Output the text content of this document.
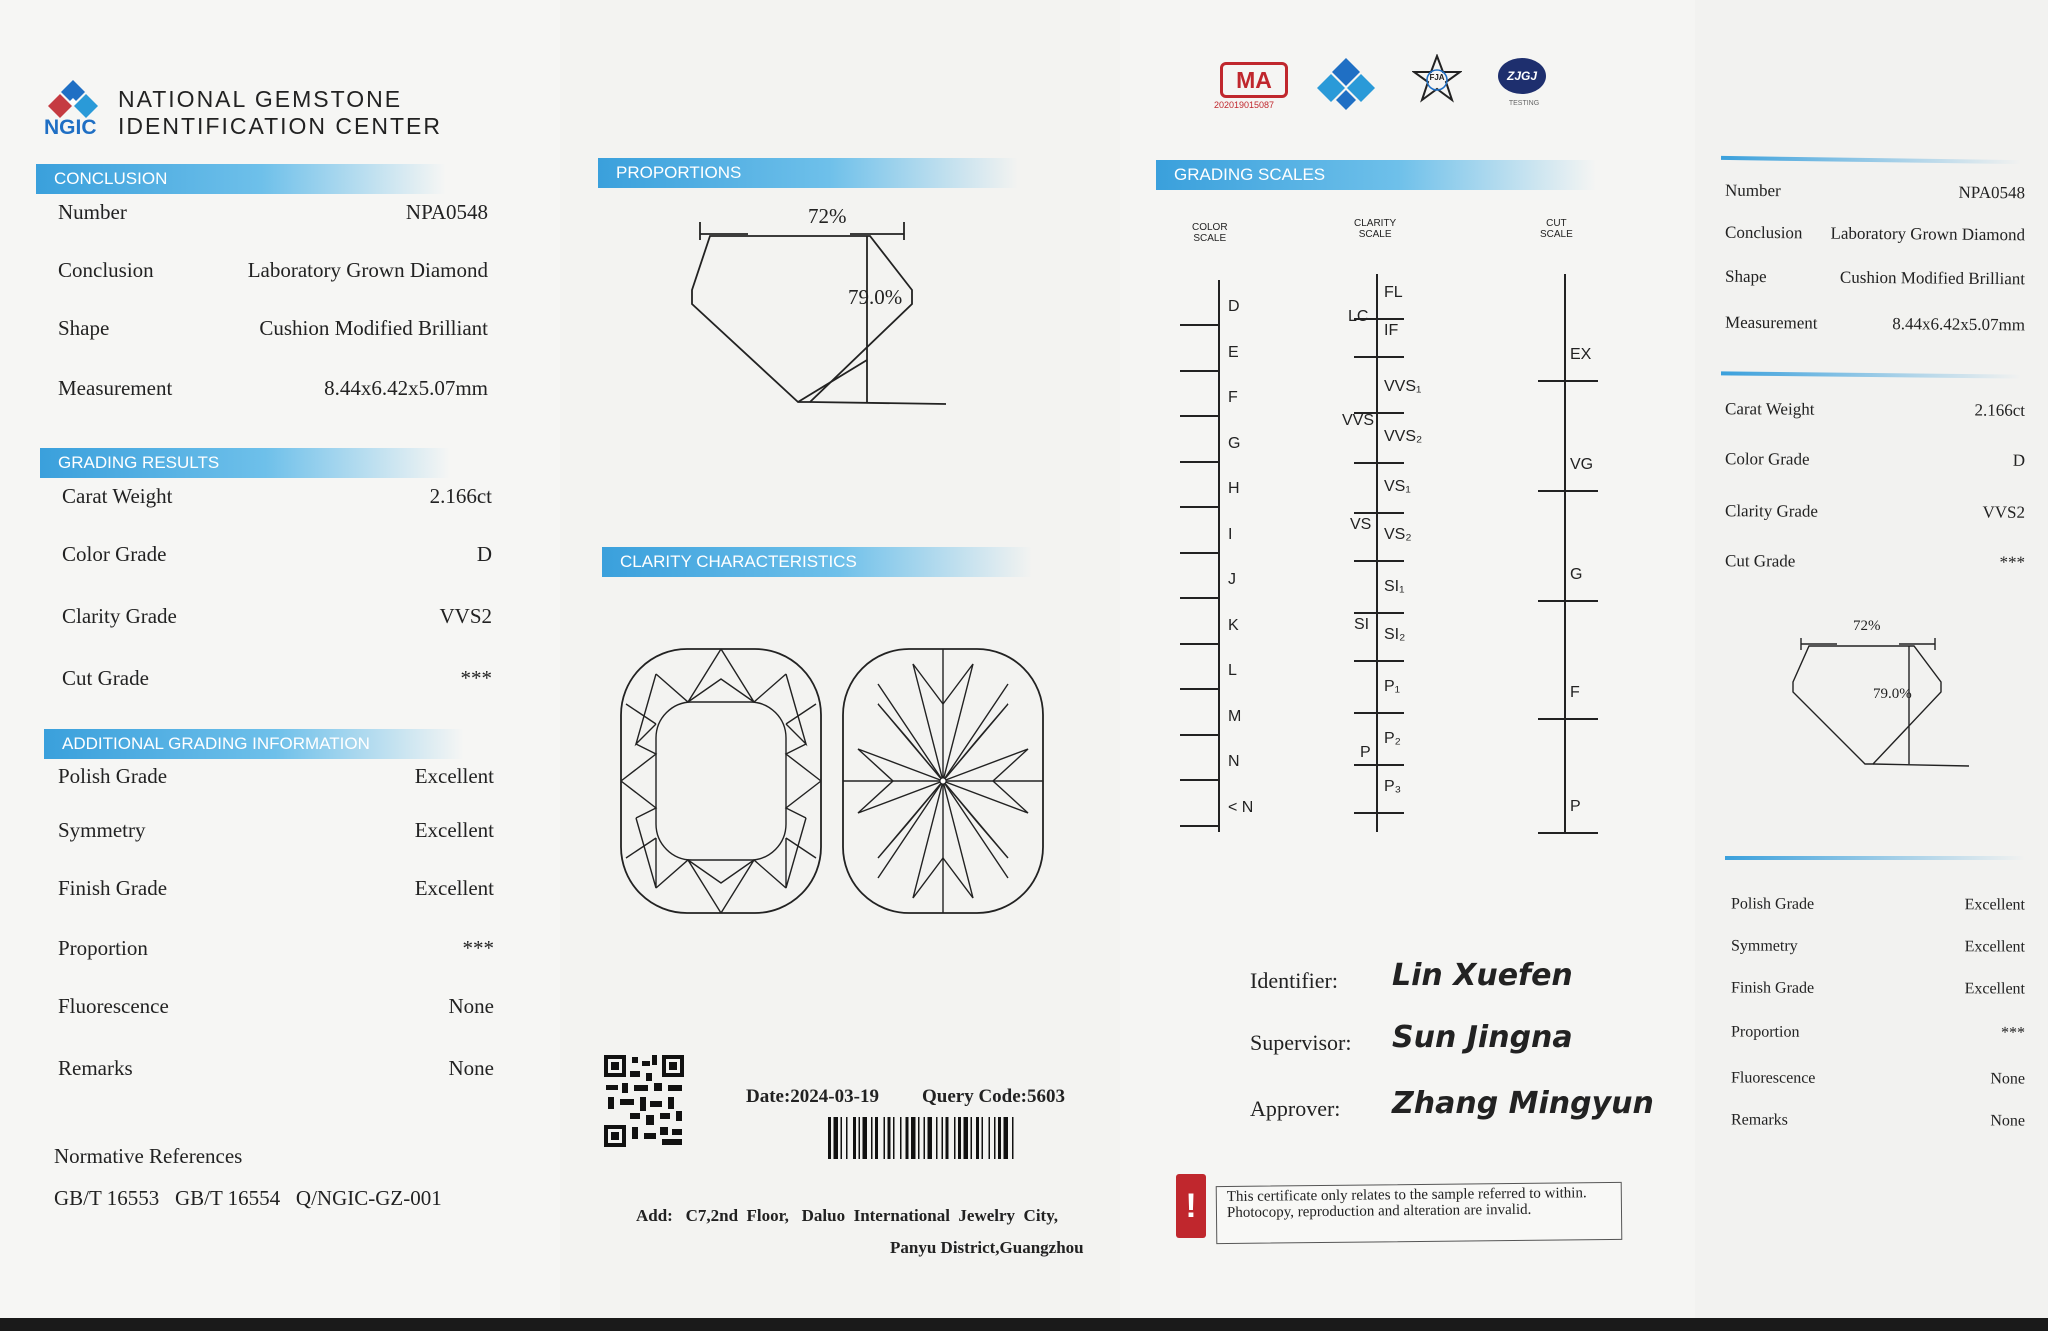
NGIC
NATIONAL GEMSTONE
IDENTIFICATION CENTER
CONCLUSION
Number	NPA0548
Conclusion	Laboratory Grown Diamond
Shape	Cushion Modified Brilliant
Measurement	8.44x6.42x5.07mm
GRADING RESULTS
Carat Weight	2.166ct
Color Grade	D
Clarity Grade	VVS2
Cut Grade	***
ADDITIONAL GRADING INFORMATION
Polish Grade	Excellent
Symmetry	Excellent
Finish Grade	Excellent
Proportion	***
Fluorescence	None
Remarks	None
Normative References
GB/T 16553   GB/T 16554   Q/NGIC-GZ-001
PROPORTIONS
72%
79.0%
CLARITY CHARACTERISTICS
Date:2024-03-19 Query Code:5603
Add:   C7,2nd  Floor,   Daluo  International  Jewelry  City,
Panyu District,Guangzhou
MA
202019015087
FJA	ZJGJ
TESTING
GRADING SCALES
COLOR
SCALE
CLARITY
SCALE
CUT
SCALE
D
E
F
G
H
I
J
K
L
M
N
< N
FL
IF
VVS₁
VVS₂
VS₁
VS₂
SI₁
SI₂
P₁
P₂
P₃
LC
VVS
VS
SI
P
EX
VG
G
F
P
Identifier: Lin Xuefen
Supervisor: Sun Jingna
Approver: Zhang Mingyun
!	This certificate only relates to the sample referred to within. Photocopy, reproduction and alteration are invalid.
Number	NPA0548
Conclusion Laboratory Grown Diamond
Shape	Cushion Modified Brilliant
Measurement	8.44x6.42x5.07mm
Carat Weight	2.166ct
Color Grade	D
Clarity Grade	VVS2
Cut Grade	***
72%
79.0%
Polish Grade	Excellent
Symmetry	Excellent
Finish Grade	Excellent
Proportion	***
Fluorescence	None
Remarks	None
